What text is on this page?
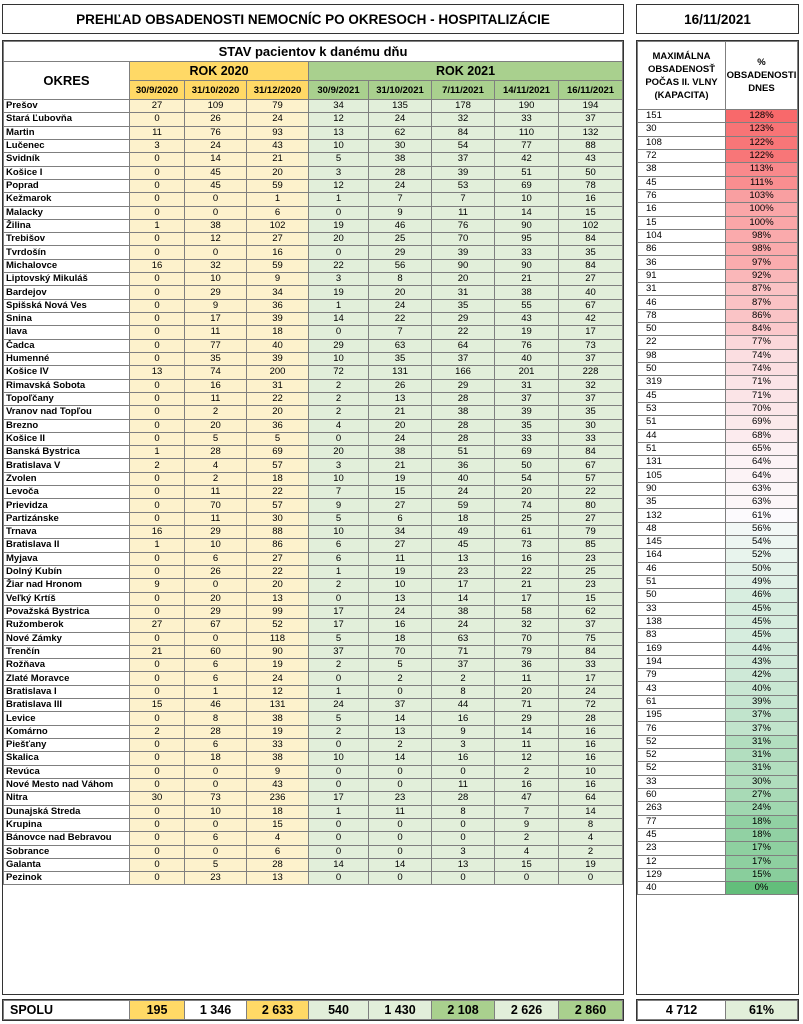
PREHĽAD OBSADENOSTI NEMOCNÍC PO OKRESOCH - HOSPITALIZÁCIE	16/11/2021
STAV pacientov k danému dňu								
OKRES	ROK 2020			ROK 2021				
	30/9/2020	31/10/2020	31/12/2020	30/9/2021	31/10/2021	7/11/2021	14/11/2021	16/11/2021
Prešov	27	109	79	34	135	178	190	194
Stará Ľubovňa	0	26	24	12	24	32	33	37
Martin	11	76	93	13	62	84	110	132
Lučenec	3	24	43	10	30	54	77	88
Svidník	0	14	21	5	38	37	42	43
Košice I	0	45	20	3	28	39	51	50
Poprad	0	45	59	12	24	53	69	78
Kežmarok	0	0	1	1	7	7	10	16
Malacky	0	0	6	0	9	11	14	15
Žilina	1	38	102	19	46	76	90	102
Trebišov	0	12	27	20	25	70	95	84
Tvrdošín	0	0	16	0	29	39	33	35
Michalovce	16	32	59	22	56	90	90	84
Liptovský Mikuláš	0	10	9	3	8	20	21	27
Bardejov	0	29	34	19	20	31	38	40
Spišská Nová Ves	0	9	36	1	24	35	55	67
Snina	0	17	39	14	22	29	43	42
Ilava	0	11	18	0	7	22	19	17
Čadca	0	77	40	29	63	64	76	73
Humenné	0	35	39	10	35	37	40	37
Košice IV	13	74	200	72	131	166	201	228
Rimavská Sobota	0	16	31	2	26	29	31	32
Topoľčany	0	11	22	2	13	28	37	37
Vranov nad Topľou	0	2	20	2	21	38	39	35
Brezno	0	20	36	4	20	28	35	30
Košice II	0	5	5	0	24	28	33	33
Banská Bystrica	1	28	69	20	38	51	69	84
Bratislava V	2	4	57	3	21	36	50	67
Zvolen	0	2	18	10	19	40	54	57
Levoča	0	11	22	7	15	24	20	22
Prievidza	0	70	57	9	27	59	74	80
Partizánske	0	11	30	5	6	18	25	27
Trnava	16	29	88	10	34	49	61	79
Bratislava II	1	10	86	6	27	45	73	85
Myjava	0	6	27	6	11	13	16	23
Dolný Kubín	0	26	22	1	19	23	22	25
Žiar nad Hronom	9	0	20	2	10	17	21	23
Veľký Krtíš	0	20	13	0	13	14	17	15
Považská Bystrica	0	29	99	17	24	38	58	62
Ružomberok	27	67	52	17	16	24	32	37
Nové Zámky	0	0	118	5	18	63	70	75
Trenčín	21	60	90	37	70	71	79	84
Rožňava	0	6	19	2	5	37	36	33
Zlaté Moravce	0	6	24	0	2	2	11	17
Bratislava I	0	1	12	1	0	8	20	24
Bratislava III	15	46	131	24	37	44	71	72
Levice	0	8	38	5	14	16	29	28
Komárno	2	28	19	2	13	9	14	16
Piešťany	0	6	33	0	2	3	11	16
Skalica	0	18	38	10	14	16	12	16
Revúca	0	0	9	0	0	0	2	10
Nové Mesto nad Váhom	0	0	43	0	0	11	16	16
Nitra	30	73	236	17	23	28	47	64
Dunajská Streda	0	10	18	1	11	8	7	14
Krupina	0	0	15	0	0	0	9	8
Bánovce nad Bebravou	0	6	4	0	0	0	2	4
Sobrance	0	0	6	0	0	3	4	2
Galanta	0	5	28	14	14	13	15	19
Pezinok	0	23	13	0	0	0	0	0
MAXIMÁLNA OBSADENOSŤ POČAS II. VLNY (KAPACITA)	% OBSADENOSTI DNES
151	128%
30	123%
108	122%
72	122%
38	113%
45	111%
76	103%
16	100%
15	100%
104	98%
86	98%
36	97%
91	92%
31	87%
46	87%
78	86%
50	84%
22	77%
98	74%
50	74%
319	71%
45	71%
53	70%
51	69%
44	68%
51	65%
131	64%
105	64%
90	63%
35	63%
132	61%
48	56%
145	54%
164	52%
46	50%
51	49%
50	46%
33	45%
138	45%
83	45%
169	44%
194	43%
79	42%
43	40%
61	39%
195	37%
76	37%
52	31%
52	31%
52	31%
33	30%
60	27%
263	24%
77	18%
45	18%
23	17%
12	17%
129	15%
40	0%
SPOLU	195	1 346	2 633	540	1 430	2 108	2 626	2 860	4 712	61%
